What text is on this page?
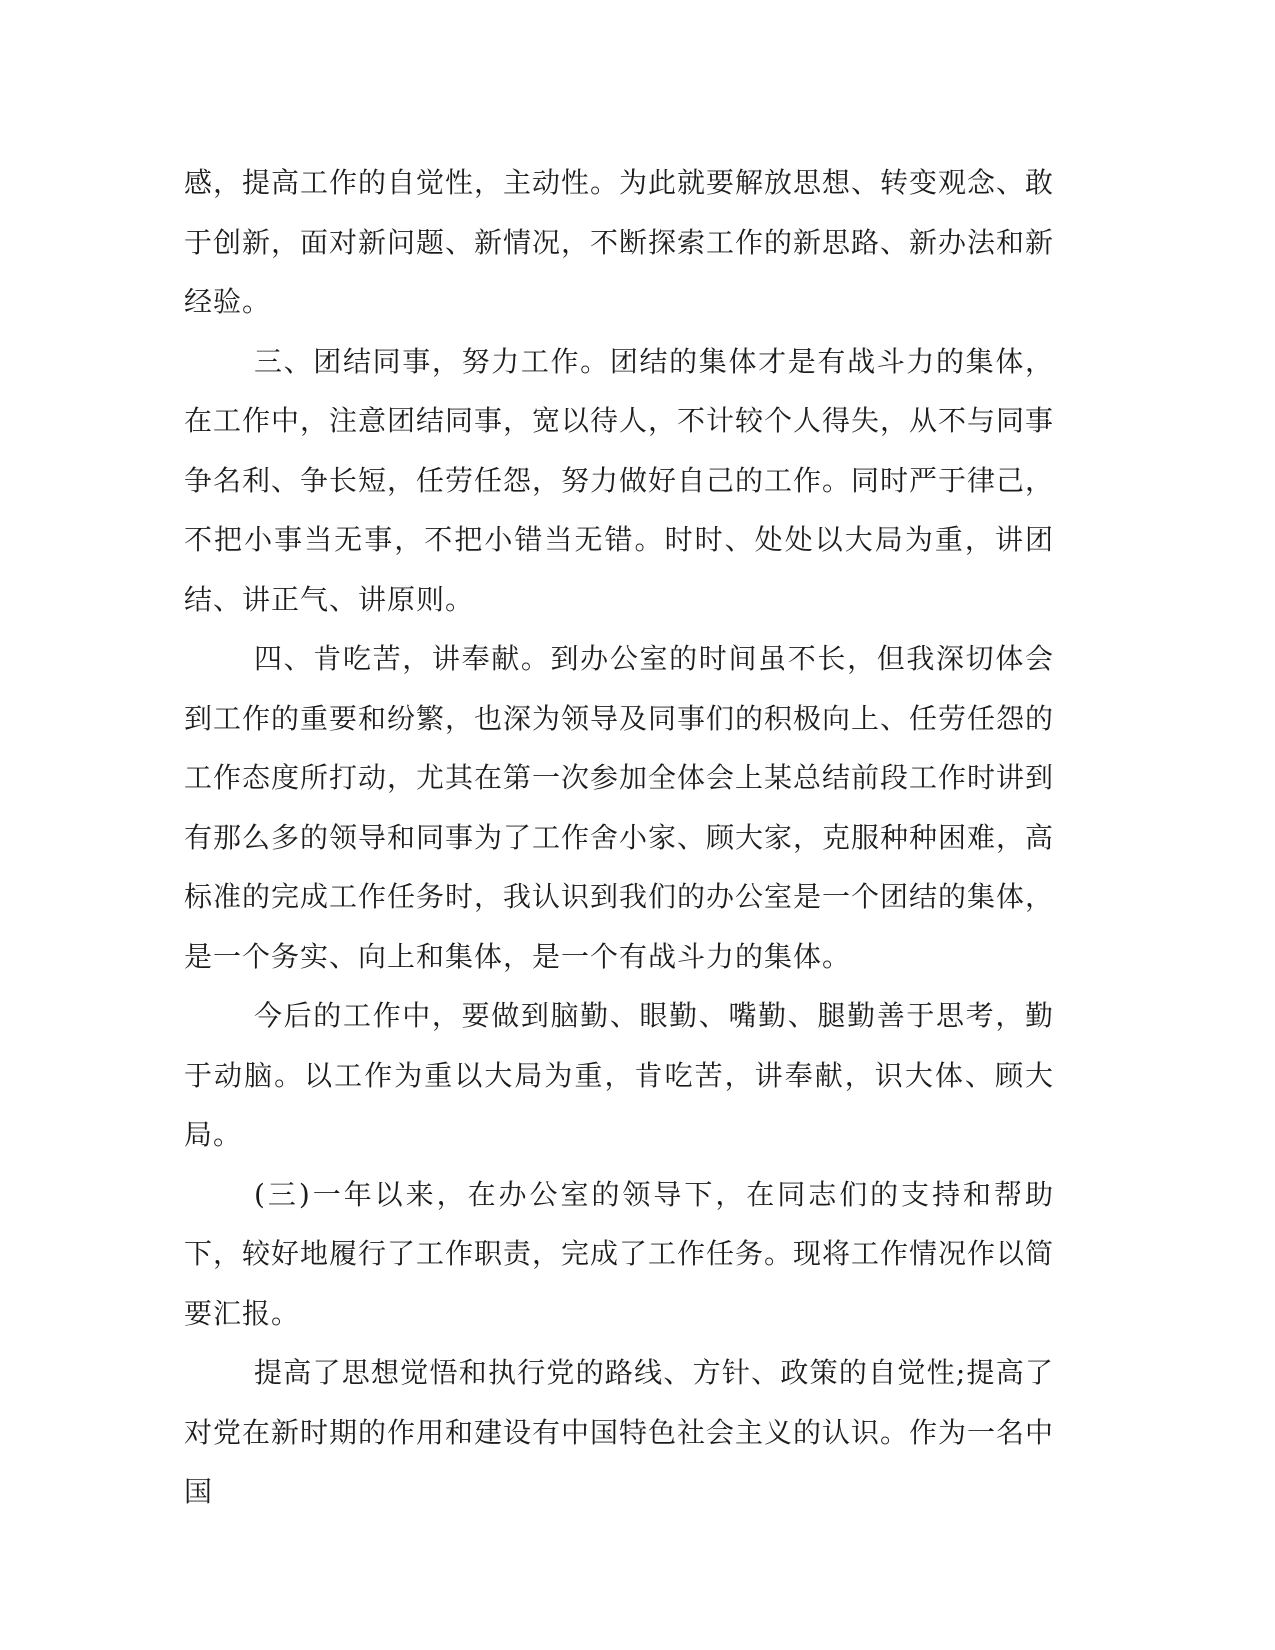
感，提高工作的自觉性，主动性。为此就要解放思想、转变观念、敢于创新，面对新问题、新情况，不断探索工作的新思路、新办法和新经验。

三、团结同事，努力工作。团结的集体才是有战斗力的集体，在工作中，注意团结同事，宽以待人，不计较个人得失，从不与同事争名利、争长短，任劳任怨，努力做好自己的工作。同时严于律己，不把小事当无事，不把小错当无错。时时、处处以大局为重，讲团结、讲正气、讲原则。

四、肯吃苦，讲奉献。到办公室的时间虽不长，但我深切体会到工作的重要和纷繁，也深为领导及同事们的积极向上、任劳任怨的工作态度所打动，尤其在第一次参加全体会上某总结前段工作时讲到有那么多的领导和同事为了工作舍小家、顾大家，克服种种困难，高标准的完成工作任务时，我认识到我们的办公室是一个团结的集体，是一个务实、向上和集体，是一个有战斗力的集体。

今后的工作中，要做到脑勤、眼勤、嘴勤、腿勤善于思考，勤于动脑。以工作为重以大局为重，肯吃苦，讲奉献，识大体、顾大局。

(三)一年以来，在办公室的领导下，在同志们的支持和帮助下，较好地履行了工作职责，完成了工作任务。现将工作情况作以简要汇报。

提高了思想觉悟和执行党的路线、方针、政策的自觉性;提高了对党在新时期的作用和建设有中国特色社会主义的认识。作为一名中国
